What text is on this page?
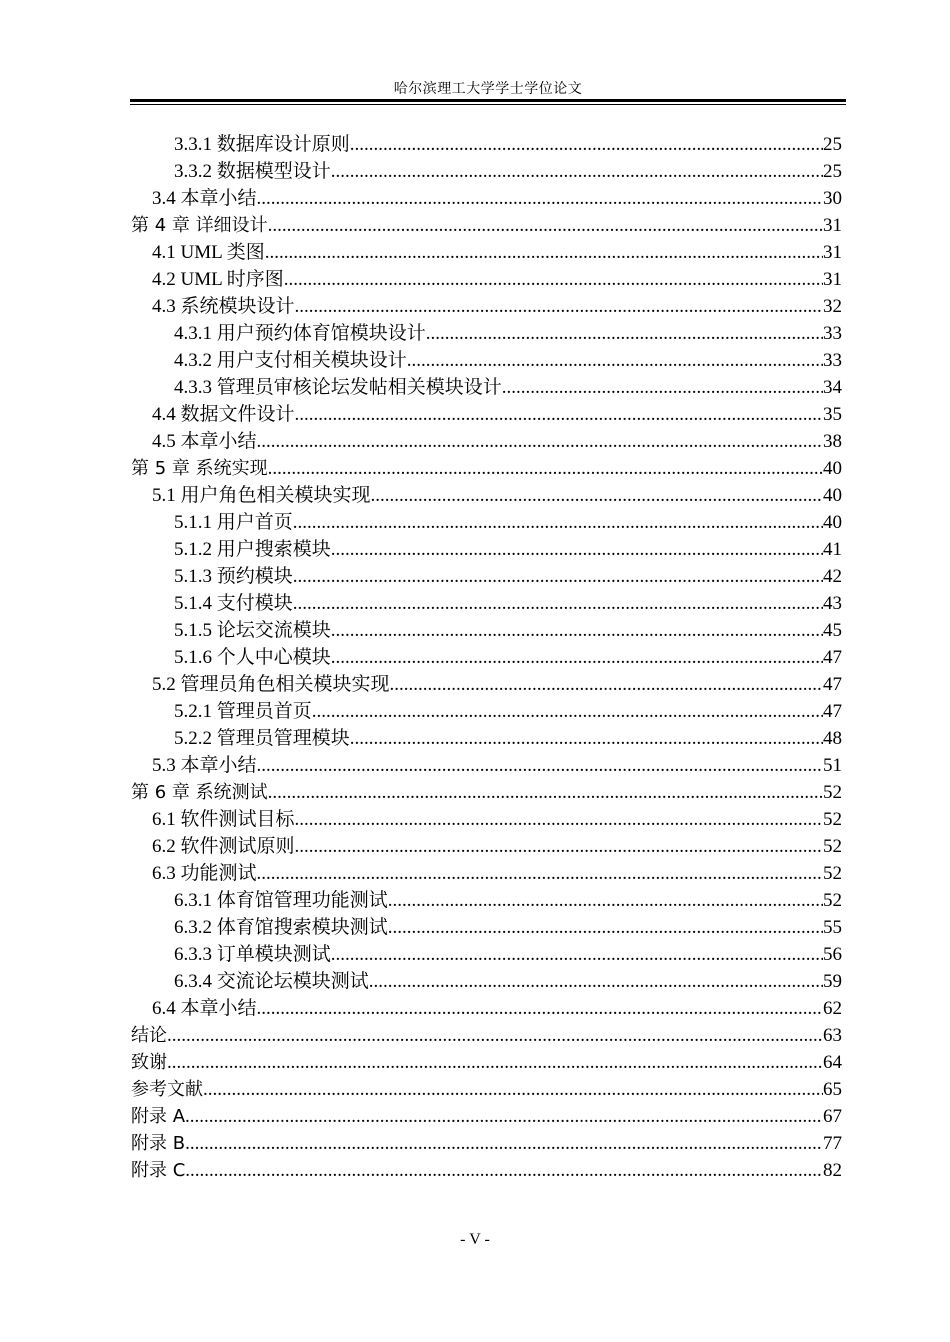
哈尔滨理工大学学士学位论文
3.3.1 数据库设计原则 .....	25
3.3.2 数据模型设计 .....	25
3.4 本章小结 .....	30
第 4 章 详细设计 .....	31
4.1 UML 类图 .....	31
4.2 UML 时序图 .....	31
4.3 系统模块设计 .....	32
4.3.1 用户预约体育馆模块设计 .....	33
4.3.2 用户支付相关模块设计 .....	33
4.3.3 管理员审核论坛发帖相关模块设计 .....	34
4.4 数据文件设计 .....	35
4.5 本章小结 .....	38
第 5 章 系统实现 .....	40
5.1 用户角色相关模块实现 .....	40
5.1.1 用户首页 .....	40
5.1.2 用户搜索模块 .....	41
5.1.3 预约模块 .....	42
5.1.4 支付模块 .....	43
5.1.5 论坛交流模块 .....	45
5.1.6 个人中心模块 .....	47
5.2 管理员角色相关模块实现 .....	47
5.2.1 管理员首页 .....	47
5.2.2 管理员管理模块 .....	48
5.3 本章小结 .....	51
第 6 章 系统测试 .....	52
6.1 软件测试目标 .....	52
6.2 软件测试原则 .....	52
6.3 功能测试 .....	52
6.3.1 体育馆管理功能测试 .....	52
6.3.2 体育馆搜索模块测试 .....	55
6.3.3 订单模块测试 .....	56
6.3.4 交流论坛模块测试 .....	59
6.4 本章小结 .....	62
结论 .....	63
致谢 .....	64
参考文献 .....	65
附录 A .....	67
附录 B .....	77
附录 C .....	82
- V -
